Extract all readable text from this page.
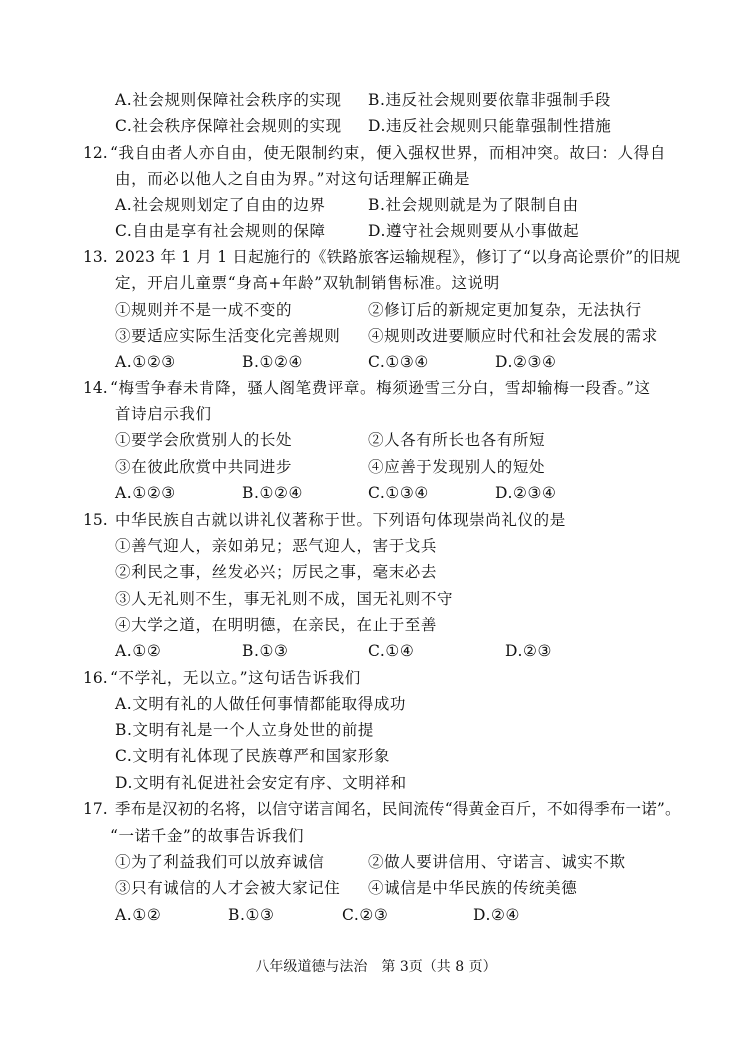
A.社会规则保障社会秩序的实现 B.违反社会规则要依靠非强制手段
C.社会秩序保障社会规则的实现 D.违反社会规则只能靠强制性措施
12. “我自由者人亦自由，使无限制约束，便入强权世界，而相冲突。故曰：人得自
由，而必以他人之自由为界。”对这句话理解正确是
A.社会规则划定了自由的边界	B.社会规则就是为了限制自由
C.自由是享有社会规则的保障	D.遵守社会规则要从小事做起
13. 2023 年 1 月 1 日起施行的《铁路旅客运输规程》，修订了“以身高论票价”的旧规
定，开启儿童票“身高+年龄”双轨制销售标准。这说明
①规则并不是一成不变的	②修订后的新规定更加复杂，无法执行
③要适应实际生活变化完善规则 ④规则改进要顺应时代和社会发展的需求
A.①②③	B.①②④	C.①③④	D.②③④
14. “梅雪争春未肯降，骚人阁笔费评章。梅须逊雪三分白，雪却输梅一段香。”这
首诗启示我们
①要学会欣赏别人的长处	②人各有所长也各有所短
③在彼此欣赏中共同进步	④应善于发现别人的短处
A.①②③	B.①②④	C.①③④	D.②③④
15. 中华民族自古就以讲礼仪著称于世。下列语句体现崇尚礼仪的是
①善气迎人，亲如弟兄；恶气迎人，害于戈兵
②利民之事，丝发必兴；厉民之事，毫末必去
③人无礼则不生，事无礼则不成，国无礼则不守
④大学之道，在明明德，在亲民，在止于至善
A.①②	B.①③	C.①④	D.②③
16. “不学礼，无以立。”这句话告诉我们
A.文明有礼的人做任何事情都能取得成功
B.文明有礼是一个人立身处世的前提
C.文明有礼体现了民族尊严和国家形象
D.文明有礼促进社会安定有序、文明祥和
17. 季布是汉初的名将，以信守诺言闻名，民间流传“得黄金百斤，不如得季布一诺”。
“一诺千金”的故事告诉我们
①为了利益我们可以放弃诚信	②做人要讲信用、守诺言、诚实不欺
③只有诚信的人才会被大家记住 ④诚信是中华民族的传统美德
A.①②	B.①③	C.②③	D.②④
八年级道德与法治　第 3页（共 8 页）
